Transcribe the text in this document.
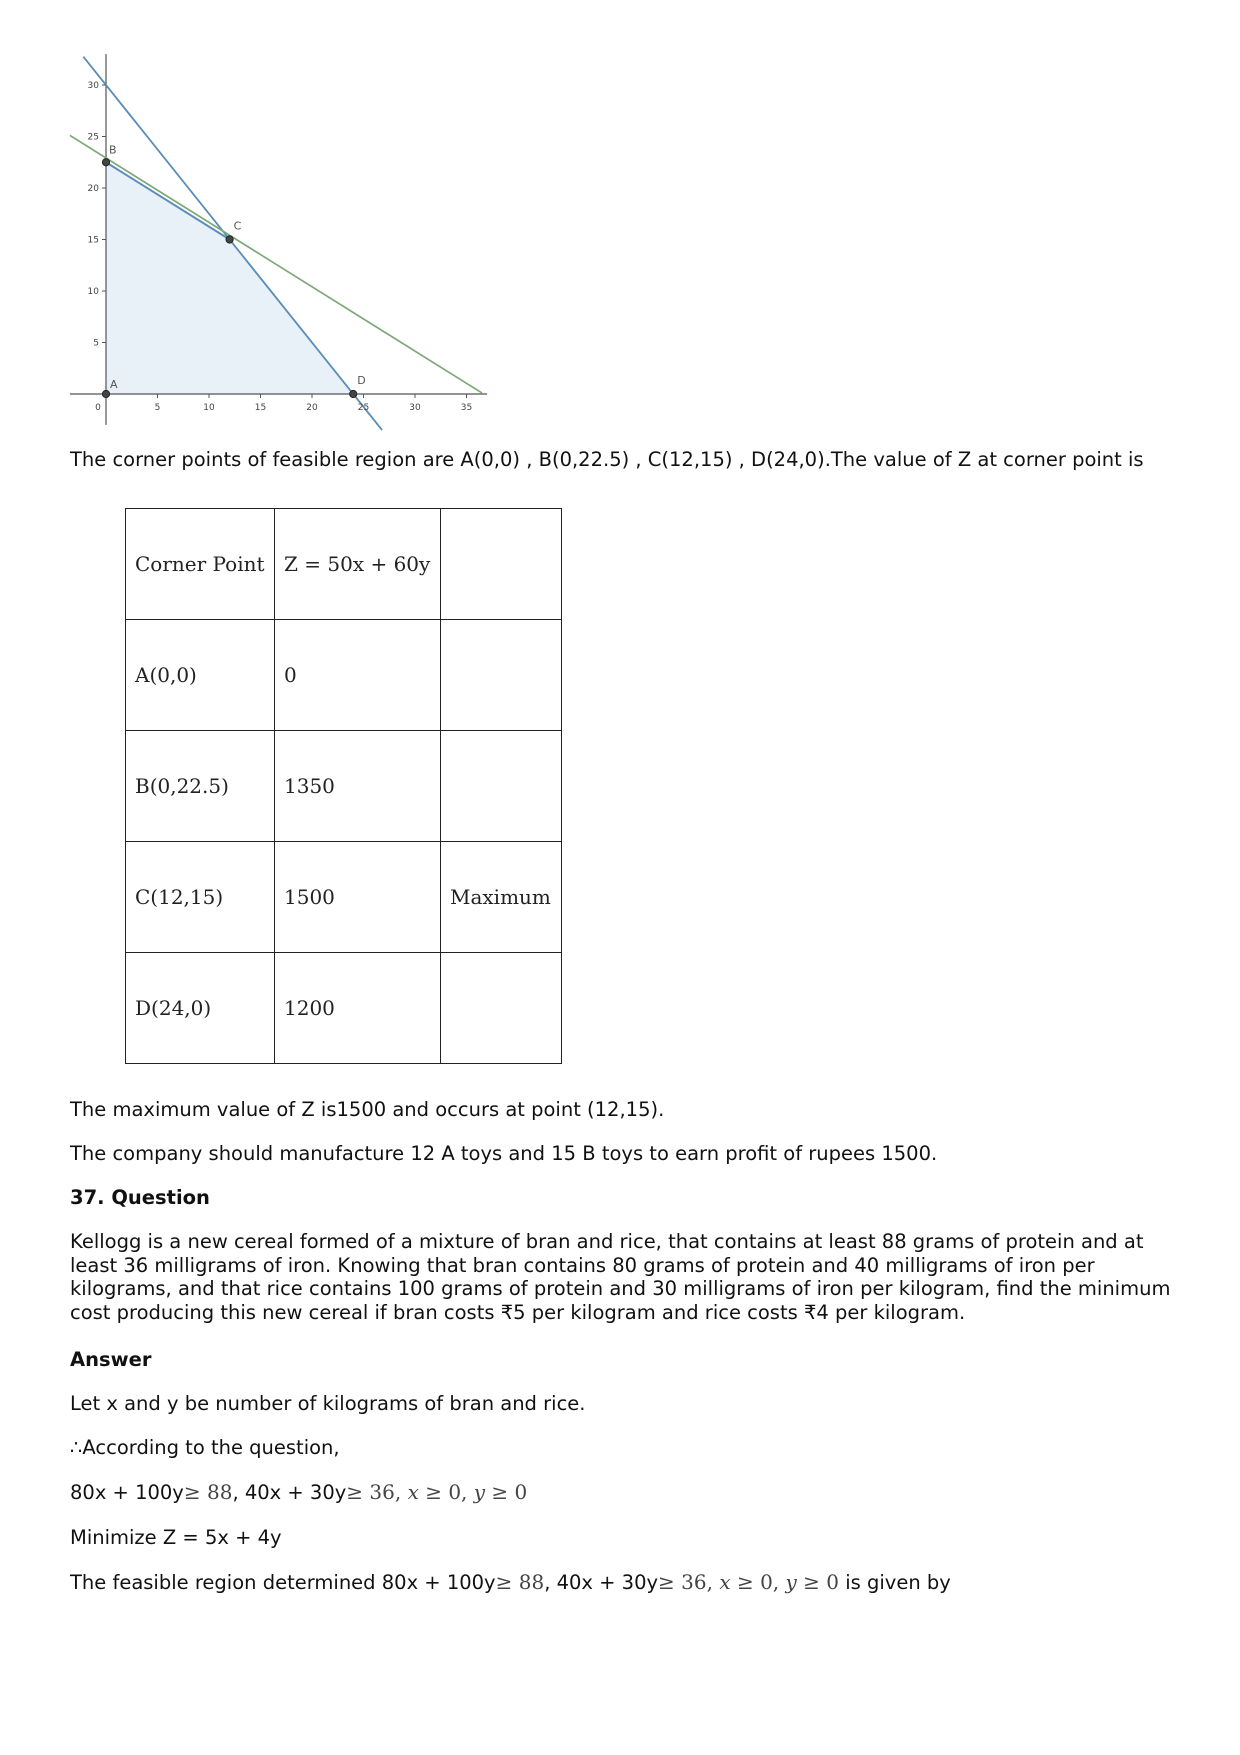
0	5	10	15	20	25	30	35
5
10
15
20
25
30
A
B
C
D

The corner points of feasible region are A(0,0) , B(0,22.5) , C(12,15) , D(24,0).The value of Z at corner point is

Corner Point	Z = 50x + 60y	
A(0,0)	0	
B(0,22.5)	1350	
C(12,15)	1500	Maximum
D(24,0)	1200	

The maximum value of Z is1500 and occurs at point (12,15).

The company should manufacture 12 A toys and 15 B toys to earn profit of rupees 1500.

37. Question

Kellogg is a new cereal formed of a mixture of bran and rice, that contains at least 88 grams of protein and at least 36 milligrams of iron. Knowing that bran contains 80 grams of protein and 40 milligrams of iron per kilograms, and that rice contains 100 grams of protein and 30 milligrams of iron per kilogram, find the minimum cost producing this new cereal if bran costs ₹5 per kilogram and rice costs ₹4 per kilogram.

Answer

Let x and y be number of kilograms of bran and rice.

∴According to the question,

80x + 100y≥ 88, 40x + 30y≥ 36, x ≥ 0, y ≥ 0

Minimize Z = 5x + 4y

The feasible region determined 80x + 100y≥ 88, 40x + 30y≥ 36, x ≥ 0, y ≥ 0 is given by
